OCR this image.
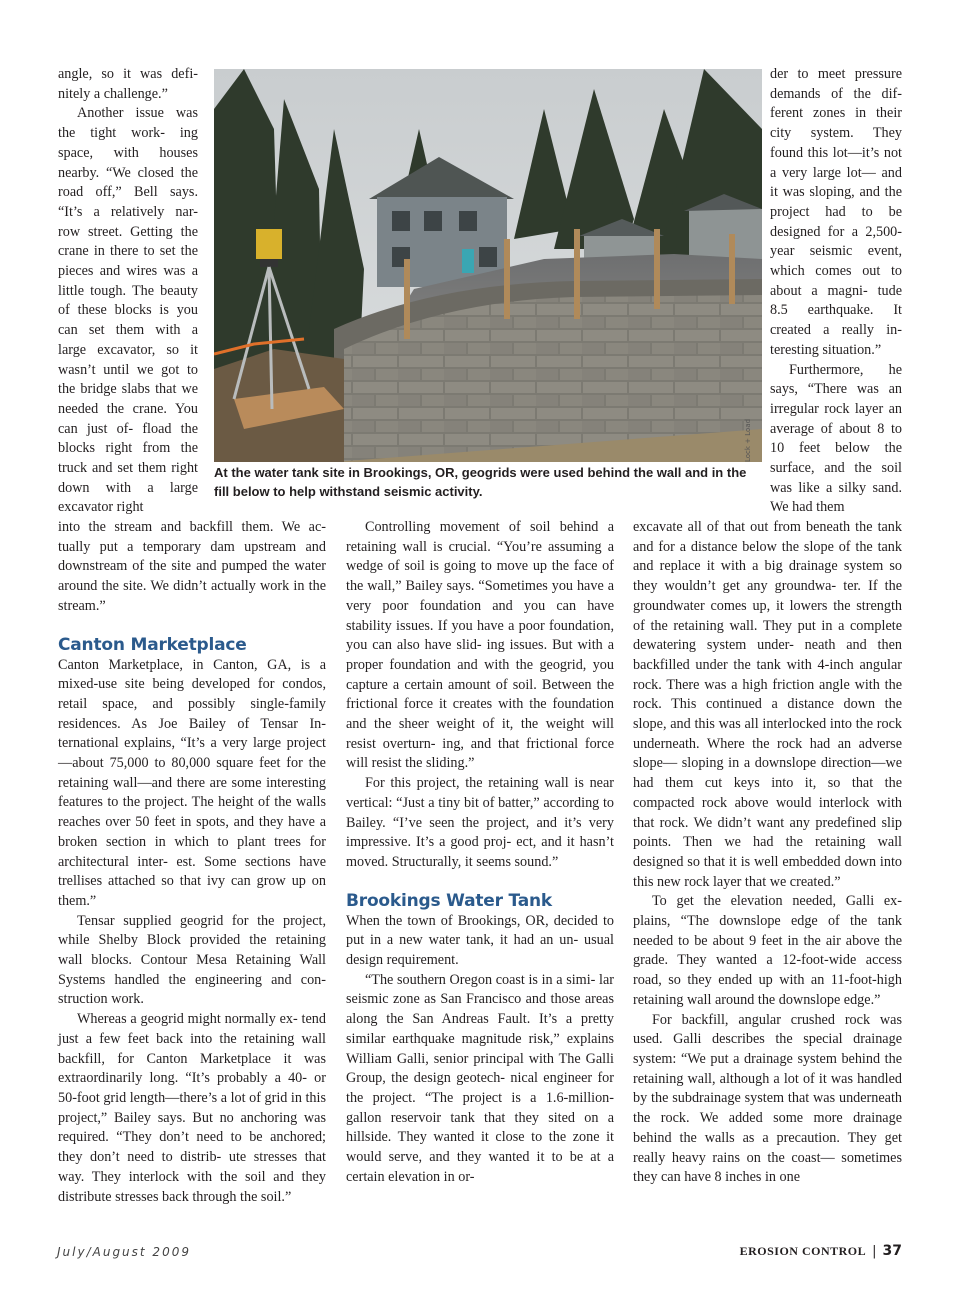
angle, so it was defi- nitely a challenge.”

Another issue was the tight work- ing space, with houses nearby. “We closed the road off,” Bell says. “It’s a relatively nar- row street. Getting the crane in there to set the pieces and wires was a little tough. The beauty of these blocks is you can set them with a large excavator, so it wasn’t until we got to the bridge slabs that we needed the crane. You can just of- fload the blocks right from the truck and set them right down with a large excavator right

into the stream and backfill them. We ac- tually put a temporary dam upstream and downstream of the site and pumped the water around the site. We didn’t actually work in the stream.”

Canton Marketplace

Canton Marketplace, in Canton, GA, is a mixed-use site being developed for condos, retail space, and possibly single-family residences. As Joe Bailey of Tensar In- ternational explains, “It’s a very large project—about 75,000 to 80,000 square feet for the retaining wall—and there are some interesting features to the project. The height of the walls reaches over 50 feet in spots, and they have a broken section in which to plant trees for architectural inter- est. Some sections have trellises attached so that ivy can grow up on them.”

Tensar supplied geogrid for the project, while Shelby Block provided the retaining wall blocks. Contour Mesa Retaining Wall Systems handled the engineering and con- struction work.

Whereas a geogrid might normally ex- tend just a few feet back into the retaining wall backfill, for Canton Marketplace it was extraordinarily long. “It’s probably a 40- or 50-foot grid length—there’s a lot of grid in this project,” Bailey says. But no anchoring was required. “They don’t need to be anchored; they don’t need to distrib- ute stresses that way. They interlock with the soil and they distribute stresses back through the soil.”

Controlling movement of soil behind a retaining wall is crucial. “You’re assuming a wedge of soil is going to move up the face of the wall,” Bailey says. “Sometimes you have a very poor foundation and you can have stability issues. If you have a poor foundation, you can also have slid- ing issues. But with a proper foundation and with the geogrid, you capture a certain amount of soil. Between the frictional force it creates with the foundation and the sheer weight of it, the weight will resist overturn- ing, and that frictional force will resist the sliding.”

For this project, the retaining wall is near vertical: “Just a tiny bit of batter,” according to Bailey. “I’ve seen the project, and it’s very impressive. It’s a good proj- ect, and it hasn’t moved. Structurally, it seems sound.”

Brookings Water Tank

When the town of Brookings, OR, decided to put in a new water tank, it had an un- usual design requirement.

“The southern Oregon coast is in a simi- lar seismic zone as San Francisco and those areas along the San Andreas Fault. It’s a pretty similar earthquake magnitude risk,” explains William Galli, senior principal with The Galli Group, the design geotech- nical engineer for the project. “The project is a 1.6-million-gallon reservoir tank that they sited on a hillside. They wanted it close to the zone it would serve, and they wanted it to be at a certain elevation in or-

der to meet pressure demands of the dif- ferent zones in their city system. They found this lot—it’s not a very large lot— and it was sloping, and the project had to be designed for a 2,500-year seismic event, which comes out to about a magni- tude 8.5 earthquake. It created a really in- teresting situation.”

Furthermore, he says, “There was an irregular rock layer an average of about 8 to 10 feet below the surface, and the soil was like a silky sand. We had them

excavate all of that out from beneath the tank and for a distance below the slope of the tank and replace it with a big drainage system so they wouldn’t get any groundwa- ter. If the groundwater comes up, it lowers the strength of the retaining wall. They put in a complete dewatering system under- neath and then backfilled under the tank with 4-inch angular rock. There was a high friction angle with the rock. This continued a distance down the slope, and this was all interlocked into the rock underneath. Where the rock had an adverse slope— sloping in a downslope direction—we had them cut keys into it, so that the compacted rock above would interlock with that rock. We didn’t want any predefined slip points. Then we had the retaining wall designed so that it is well embedded down into this new rock layer that we created.”

To get the elevation needed, Galli ex- plains, “The downslope edge of the tank needed to be about 9 feet in the air above the grade. They wanted a 12-foot-wide access road, so they ended up with an 11-foot-high retaining wall around the downslope edge.”

For backfill, angular crushed rock was used. Galli describes the special drainage system: “We put a drainage system behind the retaining wall, although a lot of it was handled by the subdrainage system that was underneath the rock. We added some more drainage behind the walls as a precaution. They get really heavy rains on the coast— sometimes they can have 8 inches in one

Lock + Load
At the water tank site in Brookings, OR, geogrids were used behind the wall and in the fill below to help withstand seismic activity.
July/August 2009	EROSION CONTROL | 37
